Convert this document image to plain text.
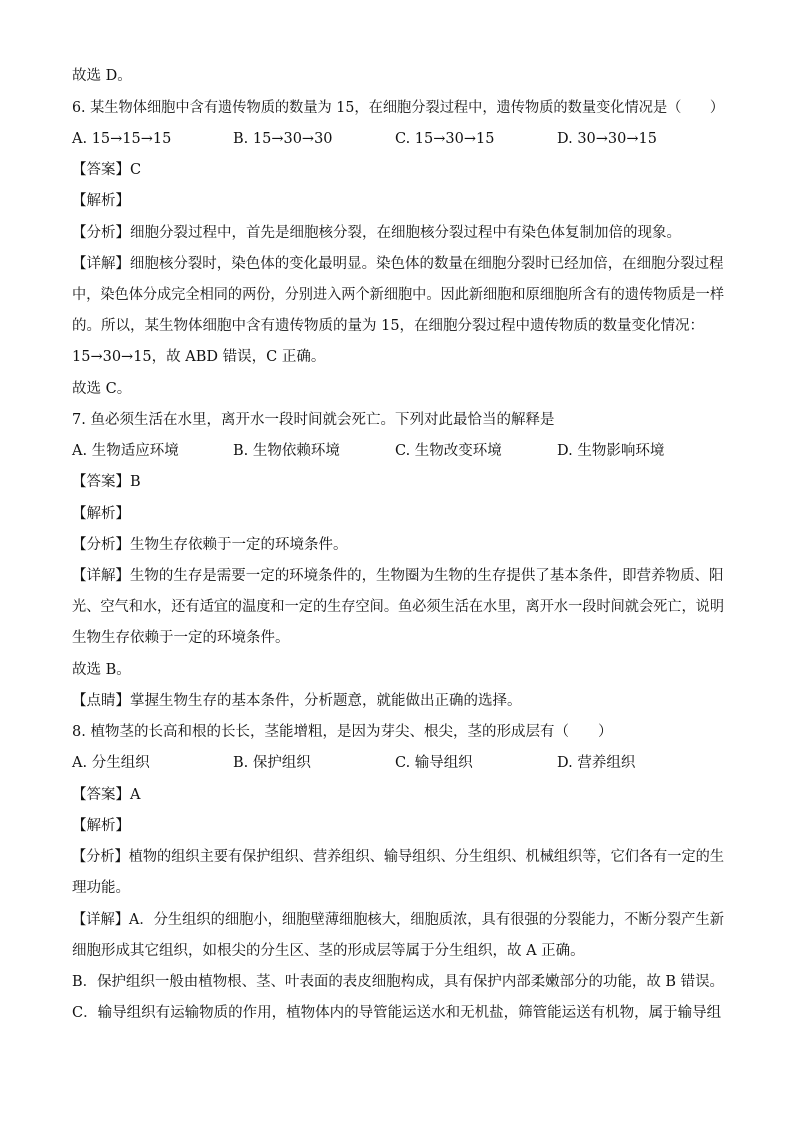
故选 D。
6. 某生物体细胞中含有遗传物质的数量为 15，在细胞分裂过程中，遗传物质的数量变化情况是（　　）
A. 15→15→15	B. 15→30→30	C. 15→30→15	D. 30→30→15
【答案】C
【解析】
【分析】细胞分裂过程中，首先是细胞核分裂，在细胞核分裂过程中有染色体复制加倍的现象。
【详解】细胞核分裂时，染色体的变化最明显。染色体的数量在细胞分裂时已经加倍，在细胞分裂过程
中，染色体分成完全相同的两份，分别进入两个新细胞中。因此新细胞和原细胞所含有的遗传物质是一样
的。所以，某生物体细胞中含有遗传物质的量为 15，在细胞分裂过程中遗传物质的数量变化情况：
15→30→15，故 ABD 错误，C 正确。
故选 C。
7. 鱼必须生活在水里，离开水一段时间就会死亡。下列对此最恰当的解释是
A. 生物适应环境	B. 生物依赖环境	C. 生物改变环境	D. 生物影响环境
【答案】B
【解析】
【分析】生物生存依赖于一定的环境条件。
【详解】生物的生存是需要一定的环境条件的，生物圈为生物的生存提供了基本条件，即营养物质、阳
光、空气和水，还有适宜的温度和一定的生存空间。鱼必须生活在水里，离开水一段时间就会死亡，说明
生物生存依赖于一定的环境条件。
故选 B。
【点睛】掌握生物生存的基本条件，分析题意，就能做出正确的选择。
8. 植物茎的长高和根的长长，茎能增粗，是因为芽尖、根尖，茎的形成层有（　　）
A. 分生组织	B. 保护组织	C. 输导组织	D. 营养组织
【答案】A
【解析】
【分析】植物的组织主要有保护组织、营养组织、输导组织、分生组织、机械组织等，它们各有一定的生
理功能。
【详解】A．分生组织的细胞小，细胞壁薄细胞核大，细胞质浓，具有很强的分裂能力，不断分裂产生新
细胞形成其它组织，如根尖的分生区、茎的形成层等属于分生组织，故 A 正确。
B．保护组织一般由植物根、茎、叶表面的表皮细胞构成，具有保护内部柔嫩部分的功能，故 B 错误。
C．输导组织有运输物质的作用，植物体内的导管能运送水和无机盐，筛管能运送有机物，属于输导组
